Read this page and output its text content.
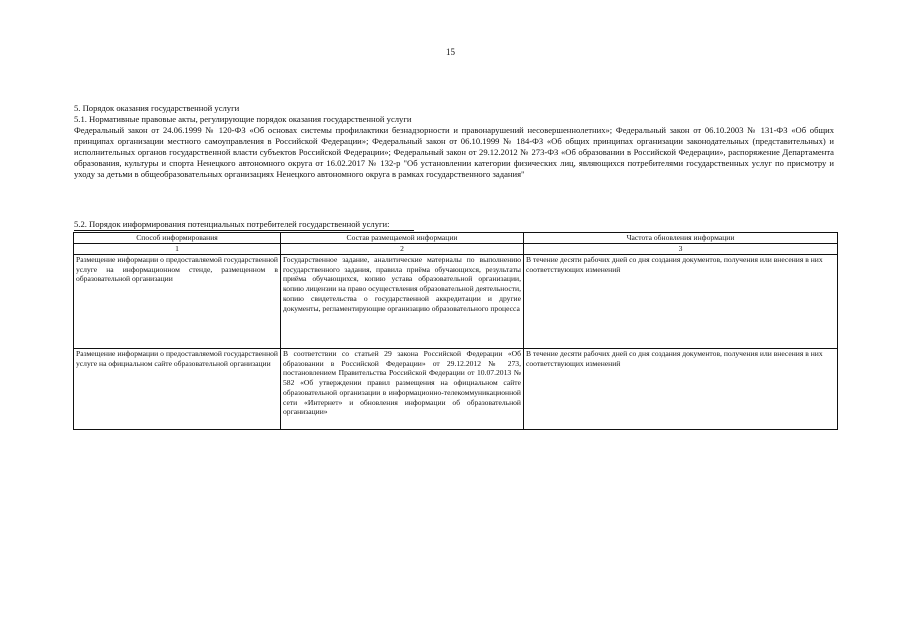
15

5. Порядок оказания государственной услуги

5.1. Нормативные правовые акты, регулирующие порядок оказания государственной услуги

Федеральный закон от 24.06.1999 № 120-ФЗ «Об основах системы профилактики безнадзорности и правонарушений несовершеннолетних»; Федеральный закон от 06.10.2003 № 131-ФЗ «Об общих принципах организации местного самоуправления в Российской Федерации»; Федеральный закон от 06.10.1999 № 184-ФЗ «Об общих принципах организации законодательных (представительных) и исполнительных органов государственной власти субъектов Российской Федерации»; Федеральный закон от 29.12.2012 № 273-ФЗ «Об образовании в Российской Федерации», распоряжение Департамента образования, культуры и спорта Ненецкого автономного округа от 16.02.2017 № 132-р "Об установлении категории физических лиц, являющихся потребителями государственных услуг по присмотру и уходу за детьми в общеобразовательных организациях Ненецкого автономного округа в рамках государственного задания"

5.2. Порядок информирования потенциальных потребителей государственной услуги:
Способ информирования	Состав размещаемой информации	Частота обновления информации
1	2	3
Размещение информации о предоставляемой государственной услуге на информационном стенде, размещенном в образовательной организации	Государственное задание, аналитические материалы по выполнению государственного задания, правила приёма обучающихся, результаты приёма обучающихся, копию устава образовательной организации, копию лицензии на право осуществления образовательной деятельности, копию свидетельства о государственной аккредитации и другие документы, регламентирующие организацию образовательного процесса	В течение десяти рабочих дней со дня создания документов, получения или внесения в них соответствующих изменений
Размещение информации о предоставляемой государственной услуге на официальном сайте образовательной организации	В соответствии со статьей 29 закона Российской Федерации «Об образовании в Российской Федерации» от 29.12.2012 № 273, постановлением Правительства Российской Федерации от 10.07.2013 № 582 «Об утверждении правил размещения на официальном сайте образовательной организации в информационно-телекоммуникационной сети «Интернет» и обновления информации об образовательной организации»	В течение десяти рабочих дней со дня создания документов, получения или внесения в них соответствующих изменений
